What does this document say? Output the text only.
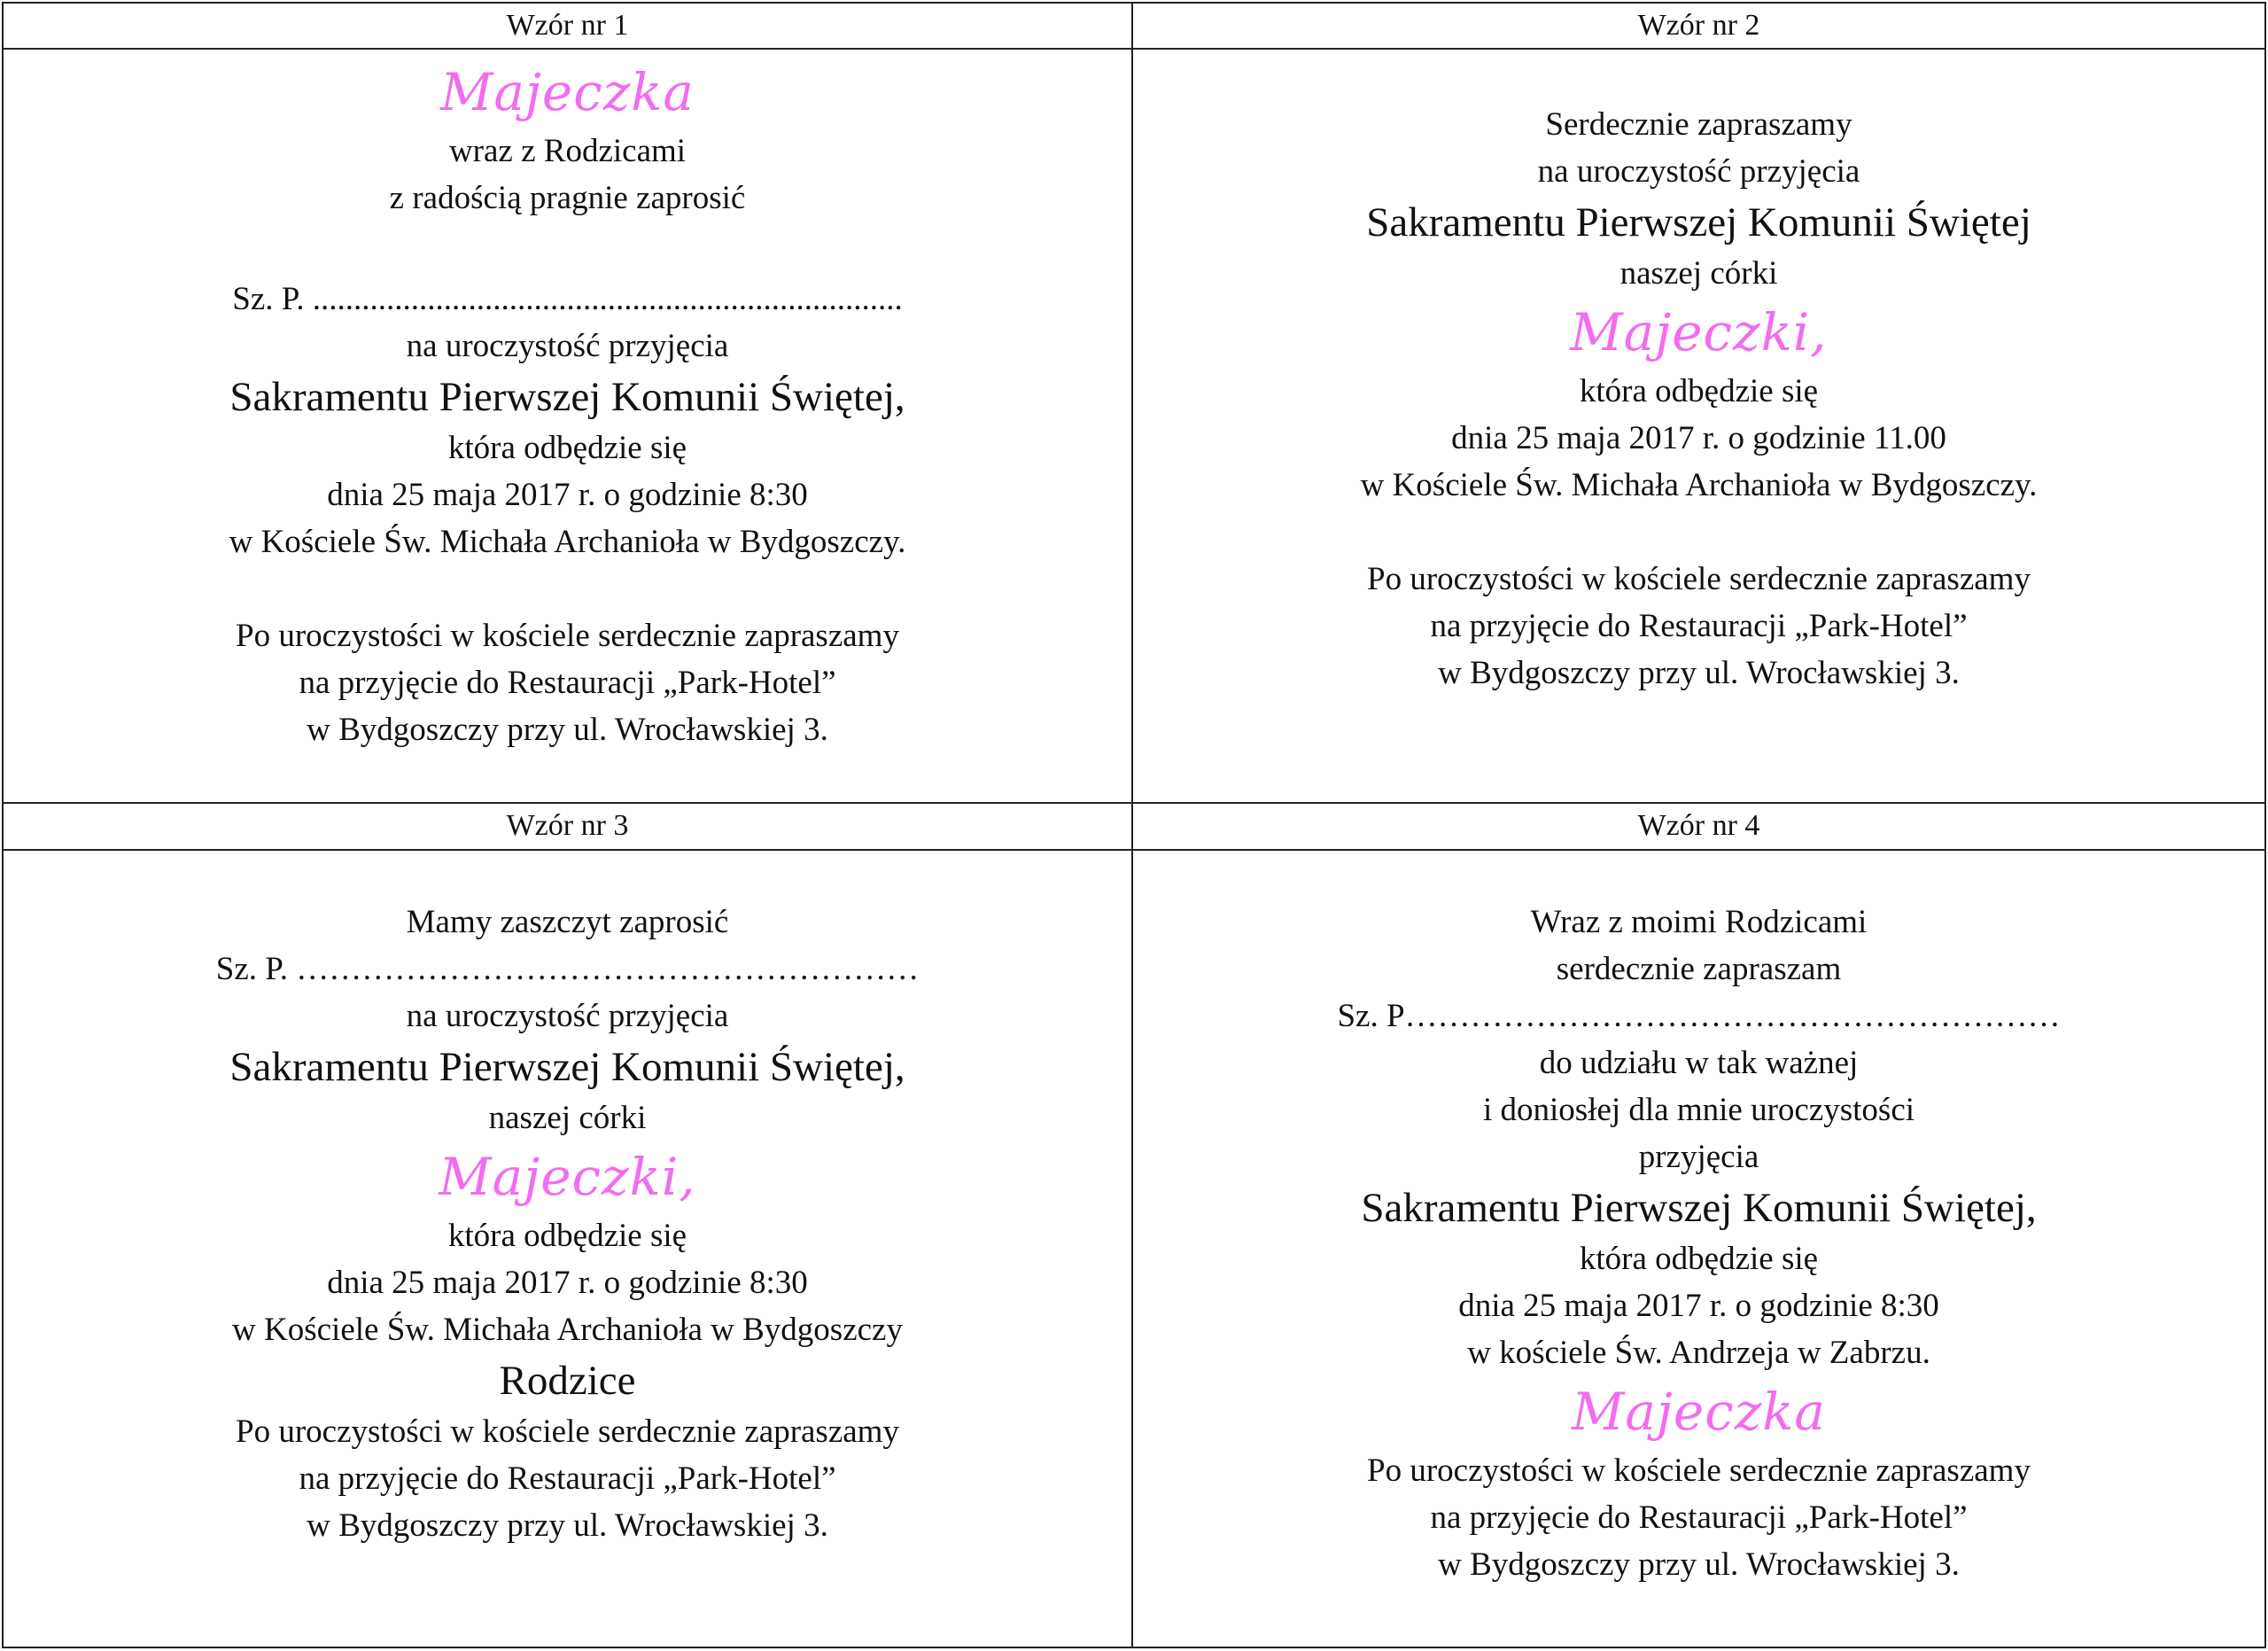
Wzór nr 1	Wzór nr 2
Majeczka
wraz z Rodzicami
z radością pragnie zaprosić
Sz. P. ........................................................................
na uroczystość przyjęcia
Sakramentu Pierwszej Komunii Świętej,
która odbędzie się
dnia 25 maja 2017 r. o godzinie 8:30
w Kościele Św. Michała Archanioła w Bydgoszczy.
Po uroczystości w kościele serdecznie zapraszamy
na przyjęcie do Restauracji „Park-Hotel”
w Bydgoszczy przy ul. Wrocławskiej 3.
Serdecznie zapraszamy
na uroczystość przyjęcia
Sakramentu Pierwszej Komunii Świętej
naszej córki
Majeczki,
która odbędzie się
dnia 25 maja 2017 r. o godzinie 11.00
w Kościele Św. Michała Archanioła w Bydgoszczy.
Po uroczystości w kościele serdecznie zapraszamy
na przyjęcie do Restauracji „Park-Hotel”
w Bydgoszczy przy ul. Wrocławskiej 3.
Wzór nr 3	Wzór nr 4
Mamy zaszczyt zaprosić
Sz. P. …………………………………………………
na uroczystość przyjęcia
Sakramentu Pierwszej Komunii Świętej,
naszej córki
Majeczki,
która odbędzie się
dnia 25 maja 2017 r. o godzinie 8:30
w Kościele Św. Michała Archanioła w Bydgoszczy
Rodzice
Po uroczystości w kościele serdecznie zapraszamy
na przyjęcie do Restauracji „Park-Hotel”
w Bydgoszczy przy ul. Wrocławskiej 3.
Wraz z moimi Rodzicami
serdecznie zapraszam
Sz. P……………………………………………………
do udziału w tak ważnej
i doniosłej dla mnie uroczystości
przyjęcia
Sakramentu Pierwszej Komunii Świętej,
która odbędzie się
dnia 25 maja 2017 r. o godzinie 8:30
w kościele Św. Andrzeja w Zabrzu.
Majeczka
Po uroczystości w kościele serdecznie zapraszamy
na przyjęcie do Restauracji „Park-Hotel”
w Bydgoszczy przy ul. Wrocławskiej 3.
